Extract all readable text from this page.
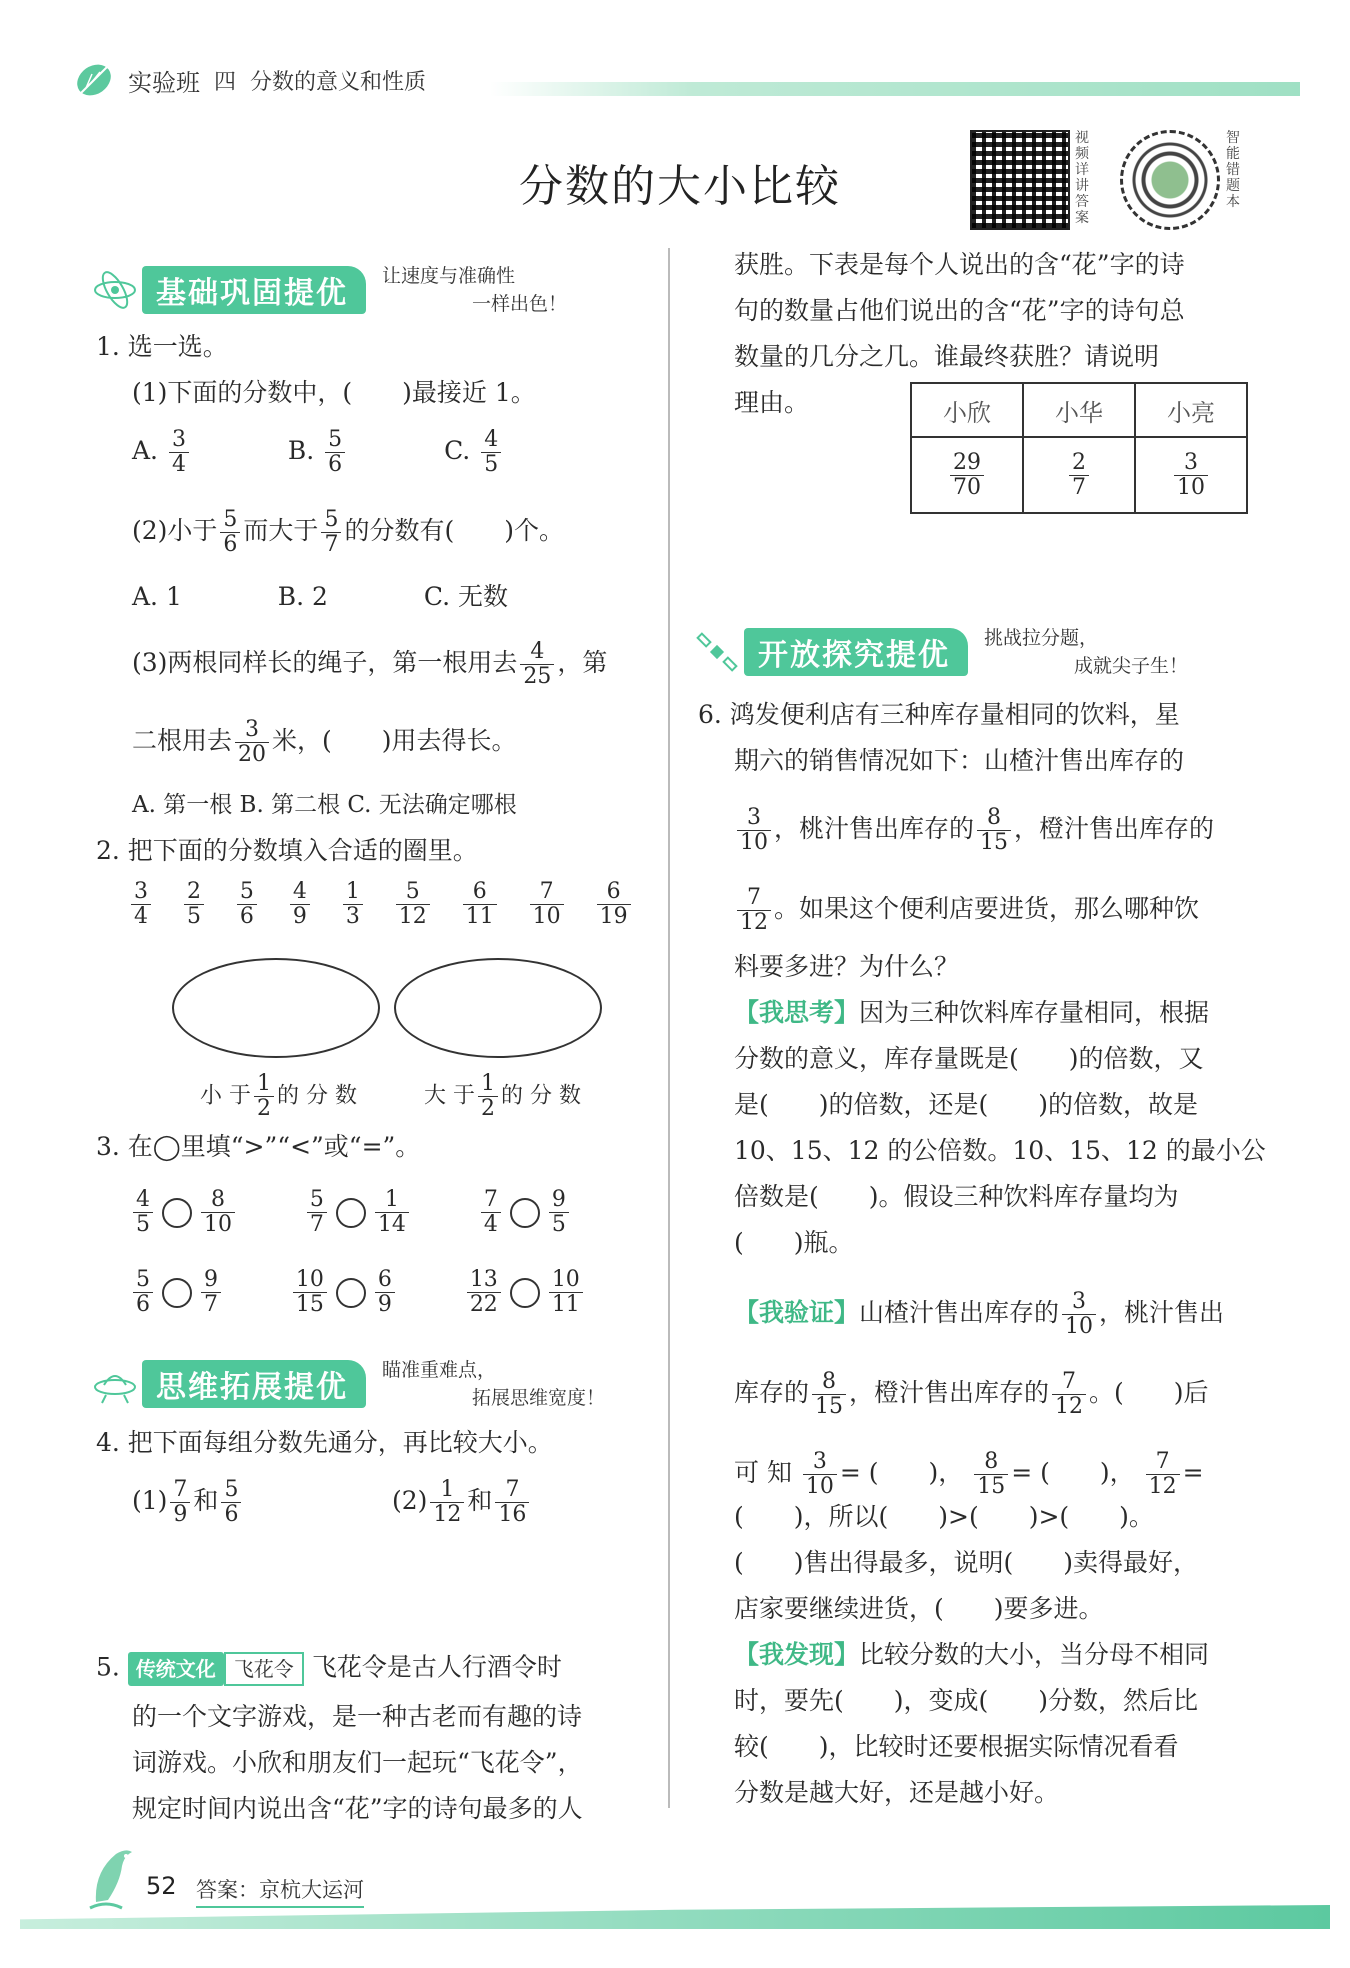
实验班 四 分数的意义和性质
分数的大小比较
视频详讲答案
智能错题本
基础巩固提优	让速度与准确性
一样出色！
1. 选一选。
(1)下面的分数中，(　　)最接近 1。
A. $\frac{3}{4}$	B. $\frac{5}{6}$	C. $\frac{4}{5}$
(2)小于 $\frac{5}{6}$ 而大于 $\frac{5}{7}$ 的分数有(　　)个。
A. 1	B. 2	C. 无数
(3)两根同样长的绳子，第一根用去 $\frac{4}{25}$ ，第
二根用去 $\frac{3}{20}$ 米，(　　)用去得长。
A. 第一根 B. 第二根 C. 无法确定哪根
2. 把下面的分数填入合适的圈里。
$\frac{3}{4}$
$\frac{2}{5}$
$\frac{5}{6}$
$\frac{4}{9}$
$\frac{1}{3}$
$\frac{5}{12}$
$\frac{6}{11}$
$\frac{7}{10}$
$\frac{6}{19}$
小 于 $\frac{1}{2}$ 的 分 数	大 于 $\frac{1}{2}$ 的 分 数
3. 在◯里填“>”“<”或“=”。
$\frac{4}{5} \frac{8}{10}$
	$\frac{5}{7} \frac{1}{14}$
	$\frac{7}{4} \frac{9}{5}$
$\frac{5}{6} \frac{9}{7}$
	$\frac{10}{15} \frac{6}{9}$
	$\frac{13}{22} \frac{10}{11}$
思维拓展提优	瞄准重难点，
拓展思维宽度！
4. 把下面每组分数先通分，再比较大小。
$(1) \frac{7}{9}$ 和 $\frac{5}{6}$	$(2) \frac{1}{12}$ 和 $\frac{7}{16}$
5. 传统文化 飞花令 飞花令是古人行酒令时
的一个文字游戏，是一种古老而有趣的诗
词游戏。小欣和朋友们一起玩“飞花令”，
规定时间内说出含“花”字的诗句最多的人
获胜。下表是每个人说出的含“花”字的诗
句的数量占他们说出的含“花”字的诗句总
数量的几分之几。谁最终获胜？请说明
理由。	小欣	小华	小亮

$\frac{29}{70}$	$\frac{2}{7}$	$\frac{3}{10}$
开放探究提优	挑战拉分题，
成就尖子生！
6. 鸿发便利店有三种库存量相同的饮料，星
期六的销售情况如下：山楂汁售出库存的
$\frac{3}{10}$ ，桃汁售出库存的 $\frac{8}{15}$ ，橙汁售出库存的
$\frac{7}{12}$ 。如果这个便利店要进货，那么哪种饮
料要多进？为什么？
【我思考】因为三种饮料库存量相同，根据
分数的意义，库存量既是(　　)的倍数，又
是(　　)的倍数，还是(　　)的倍数，故是
10、15、12 的公倍数。10、15、12 的最小公
倍数是(　　)。假设三种饮料库存量均为
(　　)瓶。
【我验证】山楂汁售出库存的 $\frac{3}{10}$ ，桃汁售出
库存的 $\frac{8}{15}$ ，橙汁售出库存的 $\frac{7}{12}$ 。(　　)后
可 知 $\frac{3}{10}$ = (　　)， $\frac{8}{15}$ = (　　)， $\frac{7}{12}$ =
(　　)，所以(　　)>(　　)>(　　)。
(　　)售出得最多，说明(　　)卖得最好，
店家要继续进货，(　　)要多进。
【我发现】比较分数的大小，当分母不相同
时，要先(　　)，变成(　　)分数，然后比
较(　　)，比较时还要根据实际情况看看
分数是越大好，还是越小好。
52 答案：京杭大运河
